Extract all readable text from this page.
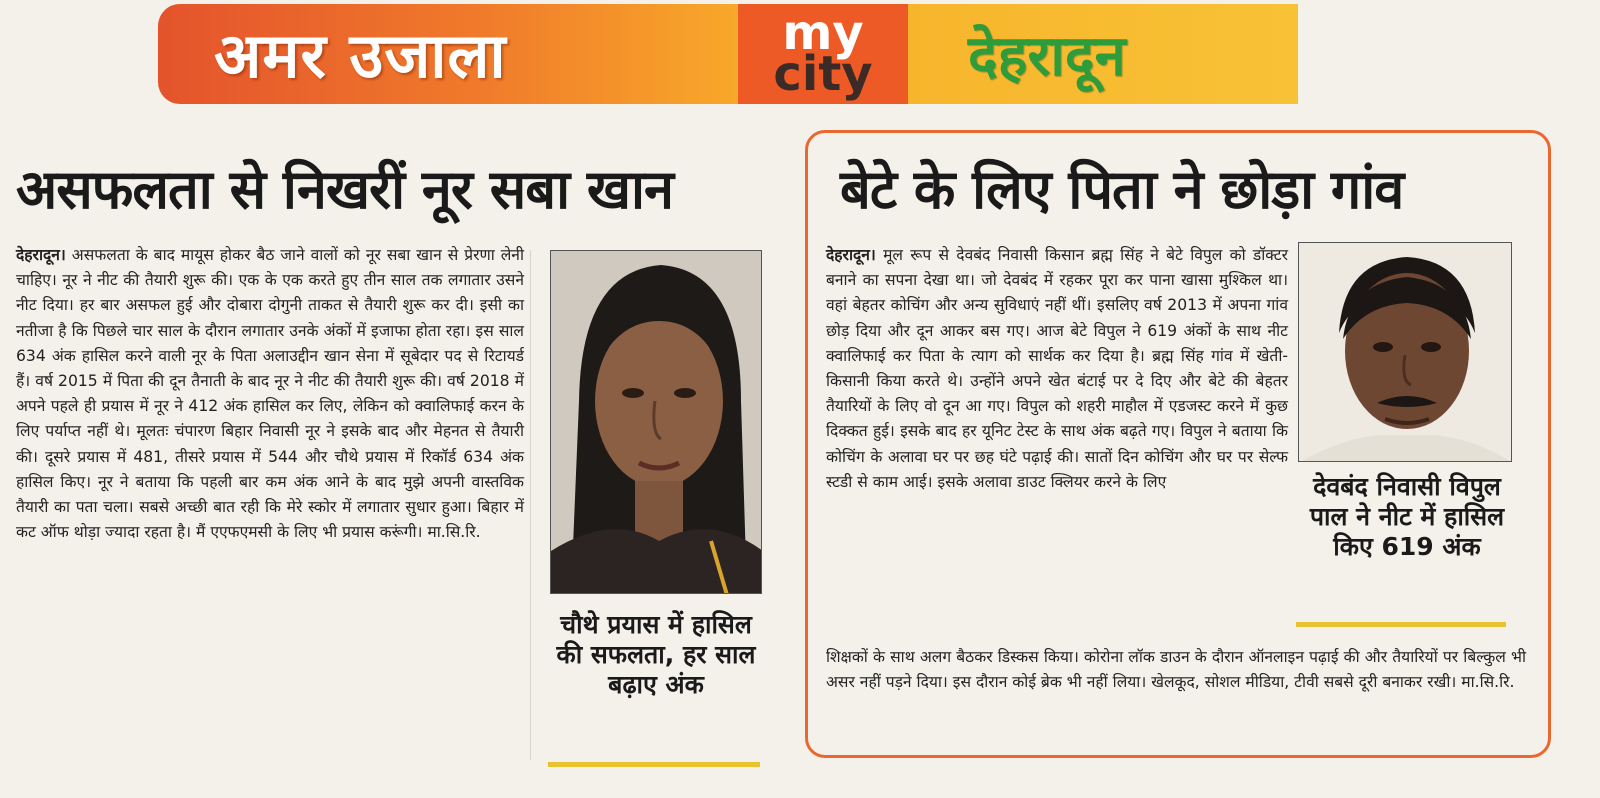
अमर उजाला	my
city देहरादून
असफलता से निखरीं नूर सबा खान
देहरादून। असफलता के बाद मायूस होकर बैठ जाने वालों को नूर सबा खान से प्रेरणा लेनी चाहिए। नूर ने नीट की तैयारी शुरू की। एक के एक करते हुए तीन साल तक लगातार उसने नीट दिया। हर बार असफल हुई और दोबारा दोगुनी ताकत से तैयारी शुरू कर दी। इसी का नतीजा है कि पिछले चार साल के दौरान लगातार उनके अंकों में इजाफा होता रहा। इस साल 634 अंक हासिल करने वाली नूर के पिता अलाउद्दीन खान सेना में सूबेदार पद से रिटायर्ड हैं। वर्ष 2015 में पिता की दून तैनाती के बाद नूर ने नीट की तैयारी शुरू की। वर्ष 2018 में अपने पहले ही प्रयास में नूर ने 412 अंक हासिल कर लिए, लेकिन को क्वालिफाई करन के लिए पर्याप्त नहीं थे। मूलतः चंपारण बिहार निवासी नूर ने इसके बाद और मेहनत से तैयारी की। दूसरे प्रयास में 481, तीसरे प्रयास में 544 और चौथे प्रयास में रिकॉर्ड 634 अंक हासिल किए। नूर ने बताया कि पहली बार कम अंक आने के बाद मुझे अपनी वास्तविक तैयारी का पता चला। सबसे अच्छी बात रही कि मेरे स्कोर में लगातार सुधार हुआ। बिहार में कट ऑफ थोड़ा ज्यादा रहता है। मैं एएफएमसी के लिए भी प्रयास करूंगी। मा.सि.रि.
चौथे प्रयास में हासिल की सफलता, हर साल बढ़ाए अंक
बेटे के लिए पिता ने छोड़ा गांव
देहरादून। मूल रूप से देवबंद निवासी किसान ब्रह्म सिंह ने बेटे विपुल को डॉक्टर बनाने का सपना देखा था। जो देवबंद में रहकर पूरा कर पाना खासा मुश्किल था। वहां बेहतर कोचिंग और अन्य सुविधाएं नहीं थीं। इसलिए वर्ष 2013 में अपना गांव छोड़ दिया और दून आकर बस गए। आज बेटे विपुल ने 619 अंकों के साथ नीट क्वालिफाई कर पिता के त्याग को सार्थक कर दिया है। ब्रह्म सिंह गांव में खेती-किसानी किया करते थे। उन्होंने अपने खेत बंटाई पर दे दिए और बेटे की बेहतर तैयारियों के लिए वो दून आ गए। विपुल को शहरी माहौल में एडजस्ट करने में कुछ दिक्कत हुई। इसके बाद हर यूनिट टेस्ट के साथ अंक बढ़ते गए। विपुल ने बताया कि कोचिंग के अलावा घर पर छह घंटे पढ़ाई की। सातों दिन कोचिंग और घर पर सेल्फ स्टडी से काम आई। इसके अलावा डाउट क्लियर करने के लिए	देवबंद निवासी विपुल पाल ने नीट में हासिल किए 619 अंक
शिक्षकों के साथ अलग बैठकर डिस्कस किया। कोरोना लॉक डाउन के दौरान ऑनलाइन पढ़ाई की और तैयारियों पर बिल्कुल भी असर नहीं पड़ने दिया। इस दौरान कोई ब्रेक भी नहीं लिया। खेलकूद, सोशल मीडिया, टीवी सबसे दूरी बनाकर रखी। मा.सि.रि.
